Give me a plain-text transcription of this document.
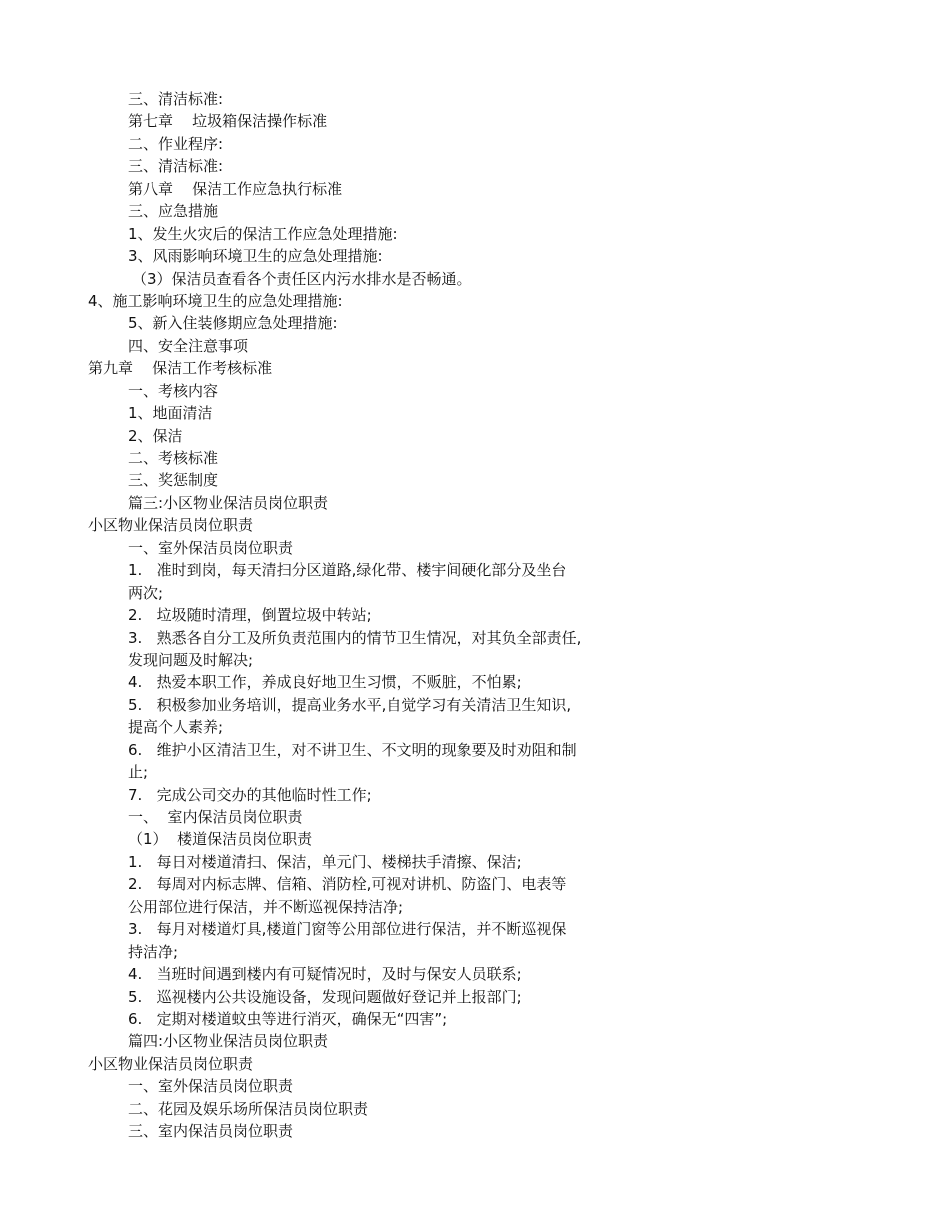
三、清洁标准:
第七章    垃圾箱保洁操作标准
二、作业程序:
三、清洁标准:
第八章    保洁工作应急执行标准
三、应急措施
1、发生火灾后的保洁工作应急处理措施:
3、风雨影响环境卫生的应急处理措施:
（3）保洁员查看各个责任区内污水排水是否畅通。
4、施工影响环境卫生的应急处理措施:
5、新入住装修期应急处理措施:
四、安全注意事项
第九章    保洁工作考核标准
一、考核内容
1、地面清洁
2、保洁
二、考核标准
三、奖惩制度
篇三:小区物业保洁员岗位职责
小区物业保洁员岗位职责
一、室外保洁员岗位职责
1.   准时到岗，每天清扫分区道路,绿化带、楼宇间硬化部分及坐台
两次;
2.   垃圾随时清理，倒置垃圾中转站;
3.   熟悉各自分工及所负责范围内的情节卫生情况，对其负全部责任,
发现问题及时解决;
4.   热爱本职工作，养成良好地卫生习惯，不贩脏，不怕累;
5.   积极参加业务培训，提高业务水平,自觉学习有关清洁卫生知识,
提高个人素养;
6.   维护小区清洁卫生，对不讲卫生、不文明的现象要及时劝阻和制
止;
7.   完成公司交办的其他临时性工作;
一、  室内保洁员岗位职责
（1）  楼道保洁员岗位职责
1.   每日对楼道清扫、保洁，单元门、楼梯扶手清擦、保洁;
2.   每周对内标志牌、信箱、消防栓,可视对讲机、防盗门、电表等
公用部位进行保洁，并不断巡视保持洁净;
3.   每月对楼道灯具,楼道门窗等公用部位进行保洁，并不断巡视保
持洁净;
4.   当班时间遇到楼内有可疑情况时，及时与保安人员联系;
5.   巡视楼内公共设施设备，发现问题做好登记并上报部门;
6.   定期对楼道蚊虫等进行消灭，确保无“四害”;
篇四:小区物业保洁员岗位职责
小区物业保洁员岗位职责
一、室外保洁员岗位职责
二、花园及娱乐场所保洁员岗位职责
三、室内保洁员岗位职责
